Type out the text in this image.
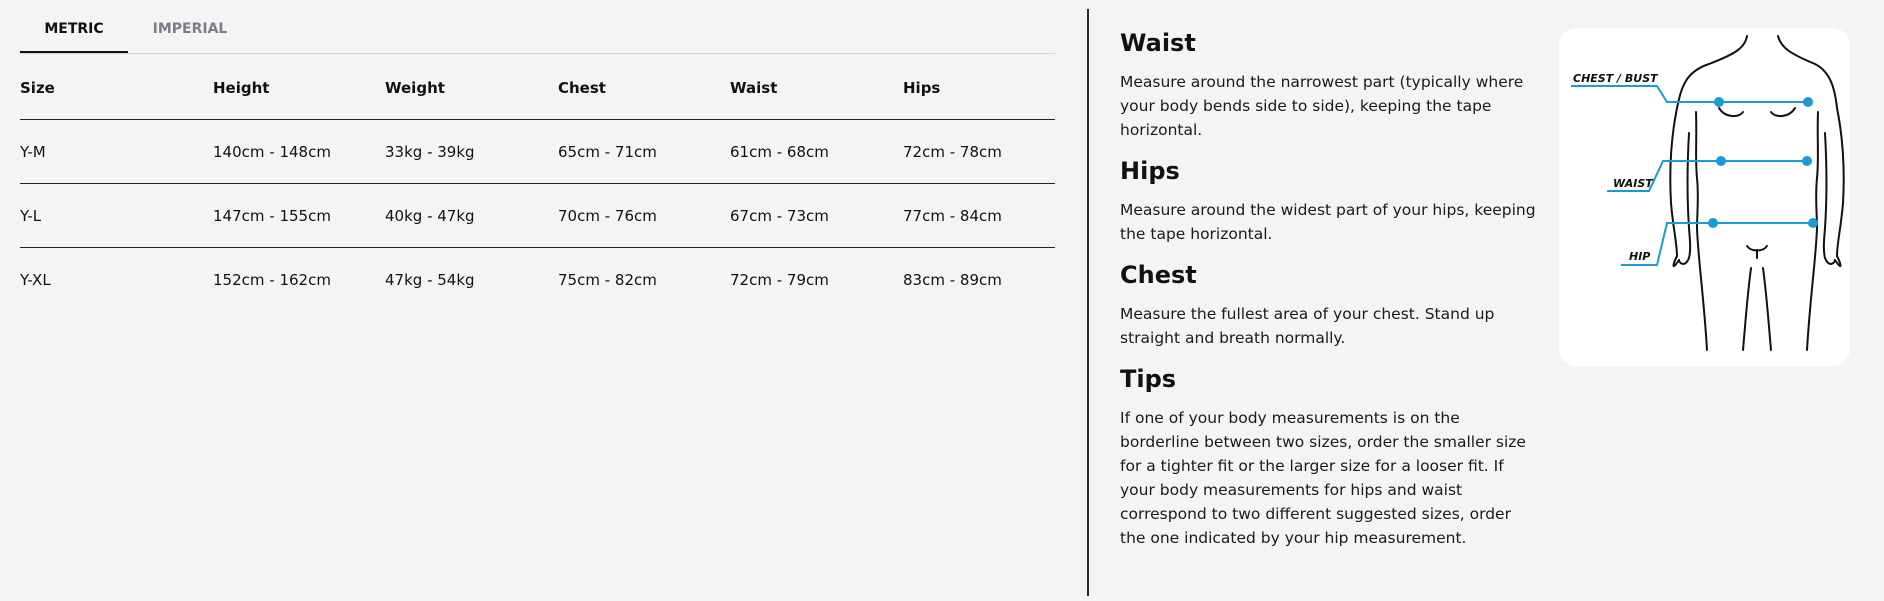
METRIC	IMPERIAL
Size	Height	Weight	Chest	Waist	Hips
Y-M	140cm - 148cm	33kg - 39kg	65cm - 71cm	61cm - 68cm	72cm - 78cm
Y-L	147cm - 155cm	40kg - 47kg	70cm - 76cm	67cm - 73cm	77cm - 84cm
Y-XL	152cm - 162cm	47kg - 54kg	75cm - 82cm	72cm - 79cm	83cm - 89cm
Waist

Measure around the narrowest part (typically where your body bends side to side), keeping the tape horizontal.

Hips

Measure around the widest part of your hips, keeping the tape horizontal.

Chest

Measure the fullest area of your chest. Stand up straight and breath normally.

Tips

If one of your body measurements is on the borderline between two sizes, order the smaller size for a tighter fit or the larger size for a looser fit. If your body measurements for hips and waist correspond to two different suggested sizes, order the one indicated by your hip measurement.

CHEST / BUST
WAIST
HIP
